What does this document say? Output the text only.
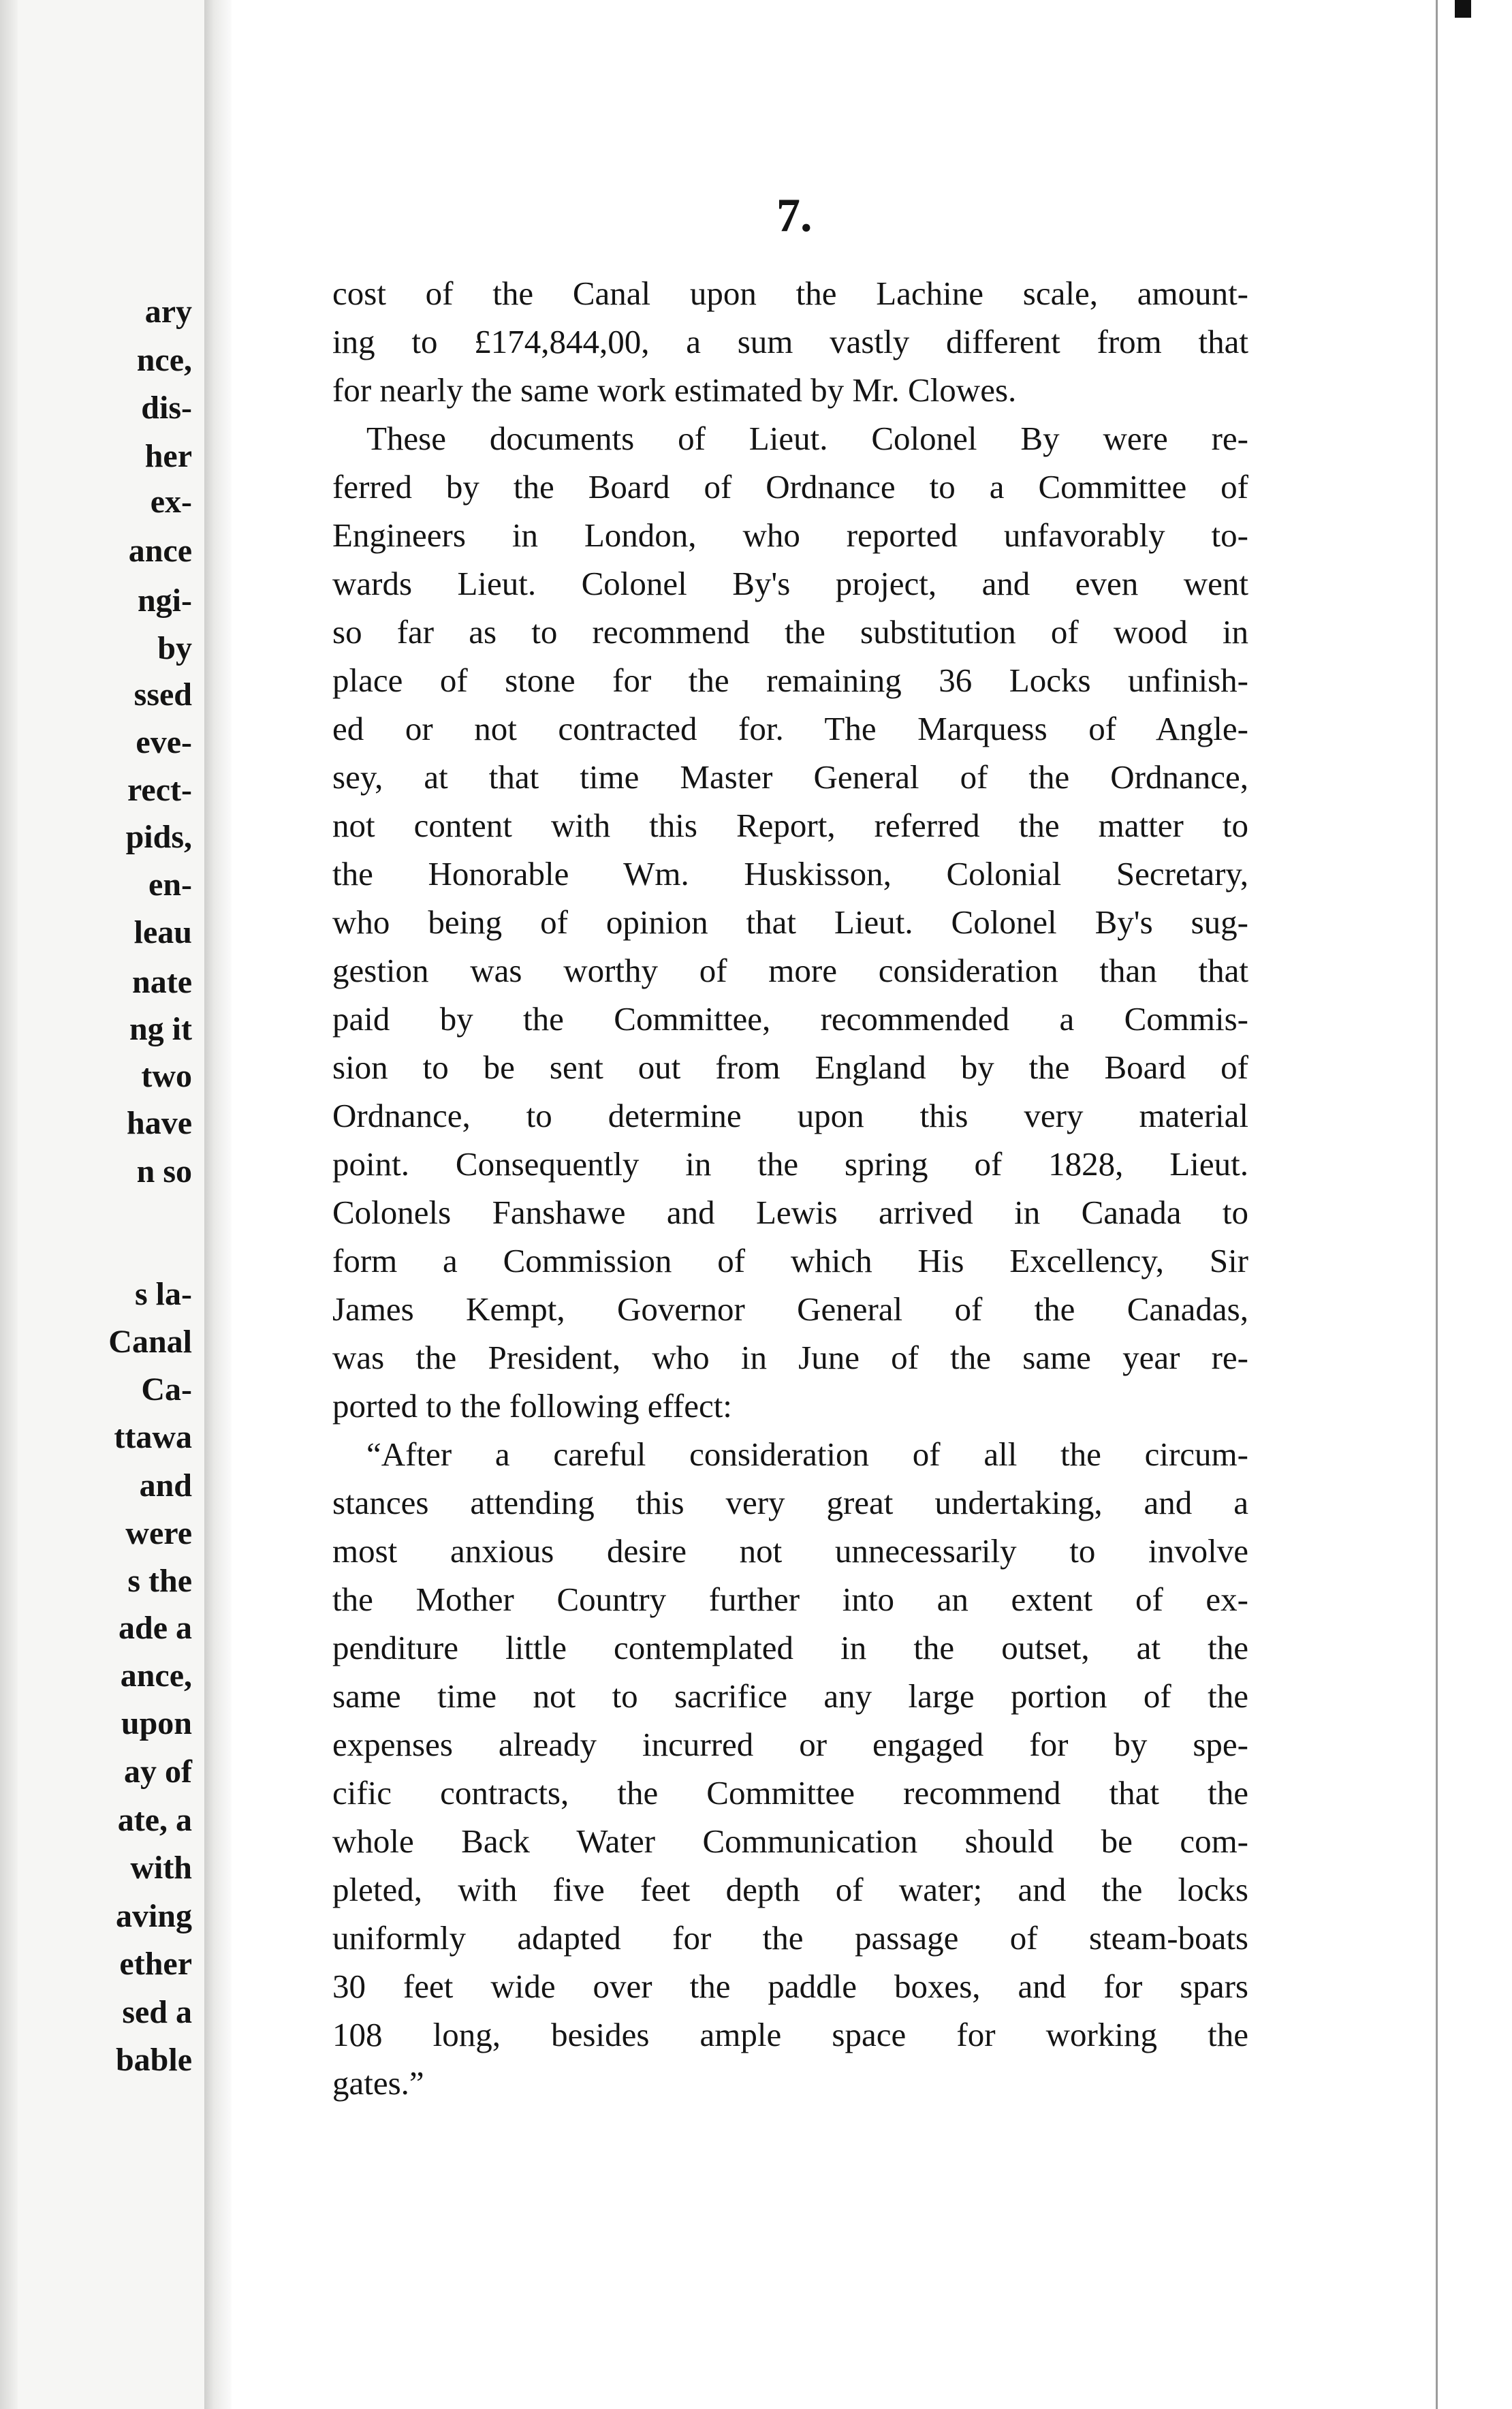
ary
nce,
dis-
her
ex-
ance
ngi-
by
ssed
eve-
rect-
pids,
en-
leau
nate
ng it
two
have
n so
s la-
Canal
Ca-
ttawa
and
were
s the
ade a
ance,
upon
ay of
ate, a
with
aving
ether
sed a
bable
7.
cost of the Canal upon the Lachine scale, amount-
ing to £174,844,00, a sum vastly different from that
for nearly the same work estimated by Mr. Clowes.
These documents of Lieut. Colonel By were re-
ferred by the Board of Ordnance to a Committee of
Engineers in London, who reported unfavorably to-
wards Lieut. Colonel By's project, and even went
so far as to recommend the substitution of wood in
place of stone for the remaining 36 Locks unfinish-
ed or not contracted for. The Marquess of Angle-
sey, at that time Master General of the Ordnance,
not content with this Report, referred the matter to
the Honorable Wm. Huskisson, Colonial Secretary,
who being of opinion that Lieut. Colonel By's sug-
gestion was worthy of more consideration than that
paid by the Committee, recommended a Commis-
sion to be sent out from England by the Board of
Ordnance, to determine upon this very material
point. Consequently in the spring of 1828, Lieut.
Colonels Fanshawe and Lewis arrived in Canada to
form a Commission of which His Excellency, Sir
James Kempt, Governor General of the Canadas,
was the President, who in June of the same year re-
ported to the following effect:
“After a careful consideration of all the circum-
stances attending this very great undertaking, and a
most anxious desire not unnecessarily to involve
the Mother Country further into an extent of ex-
penditure little contemplated in the outset, at the
same time not to sacrifice any large portion of the
expenses already incurred or engaged for by spe-
cific contracts, the Committee recommend that the
whole Back Water Communication should be com-
pleted, with five feet depth of water; and the locks
uniformly adapted for the passage of steam-boats
30 feet wide over the paddle boxes, and for spars
108 long, besides ample space for working the
gates.”
